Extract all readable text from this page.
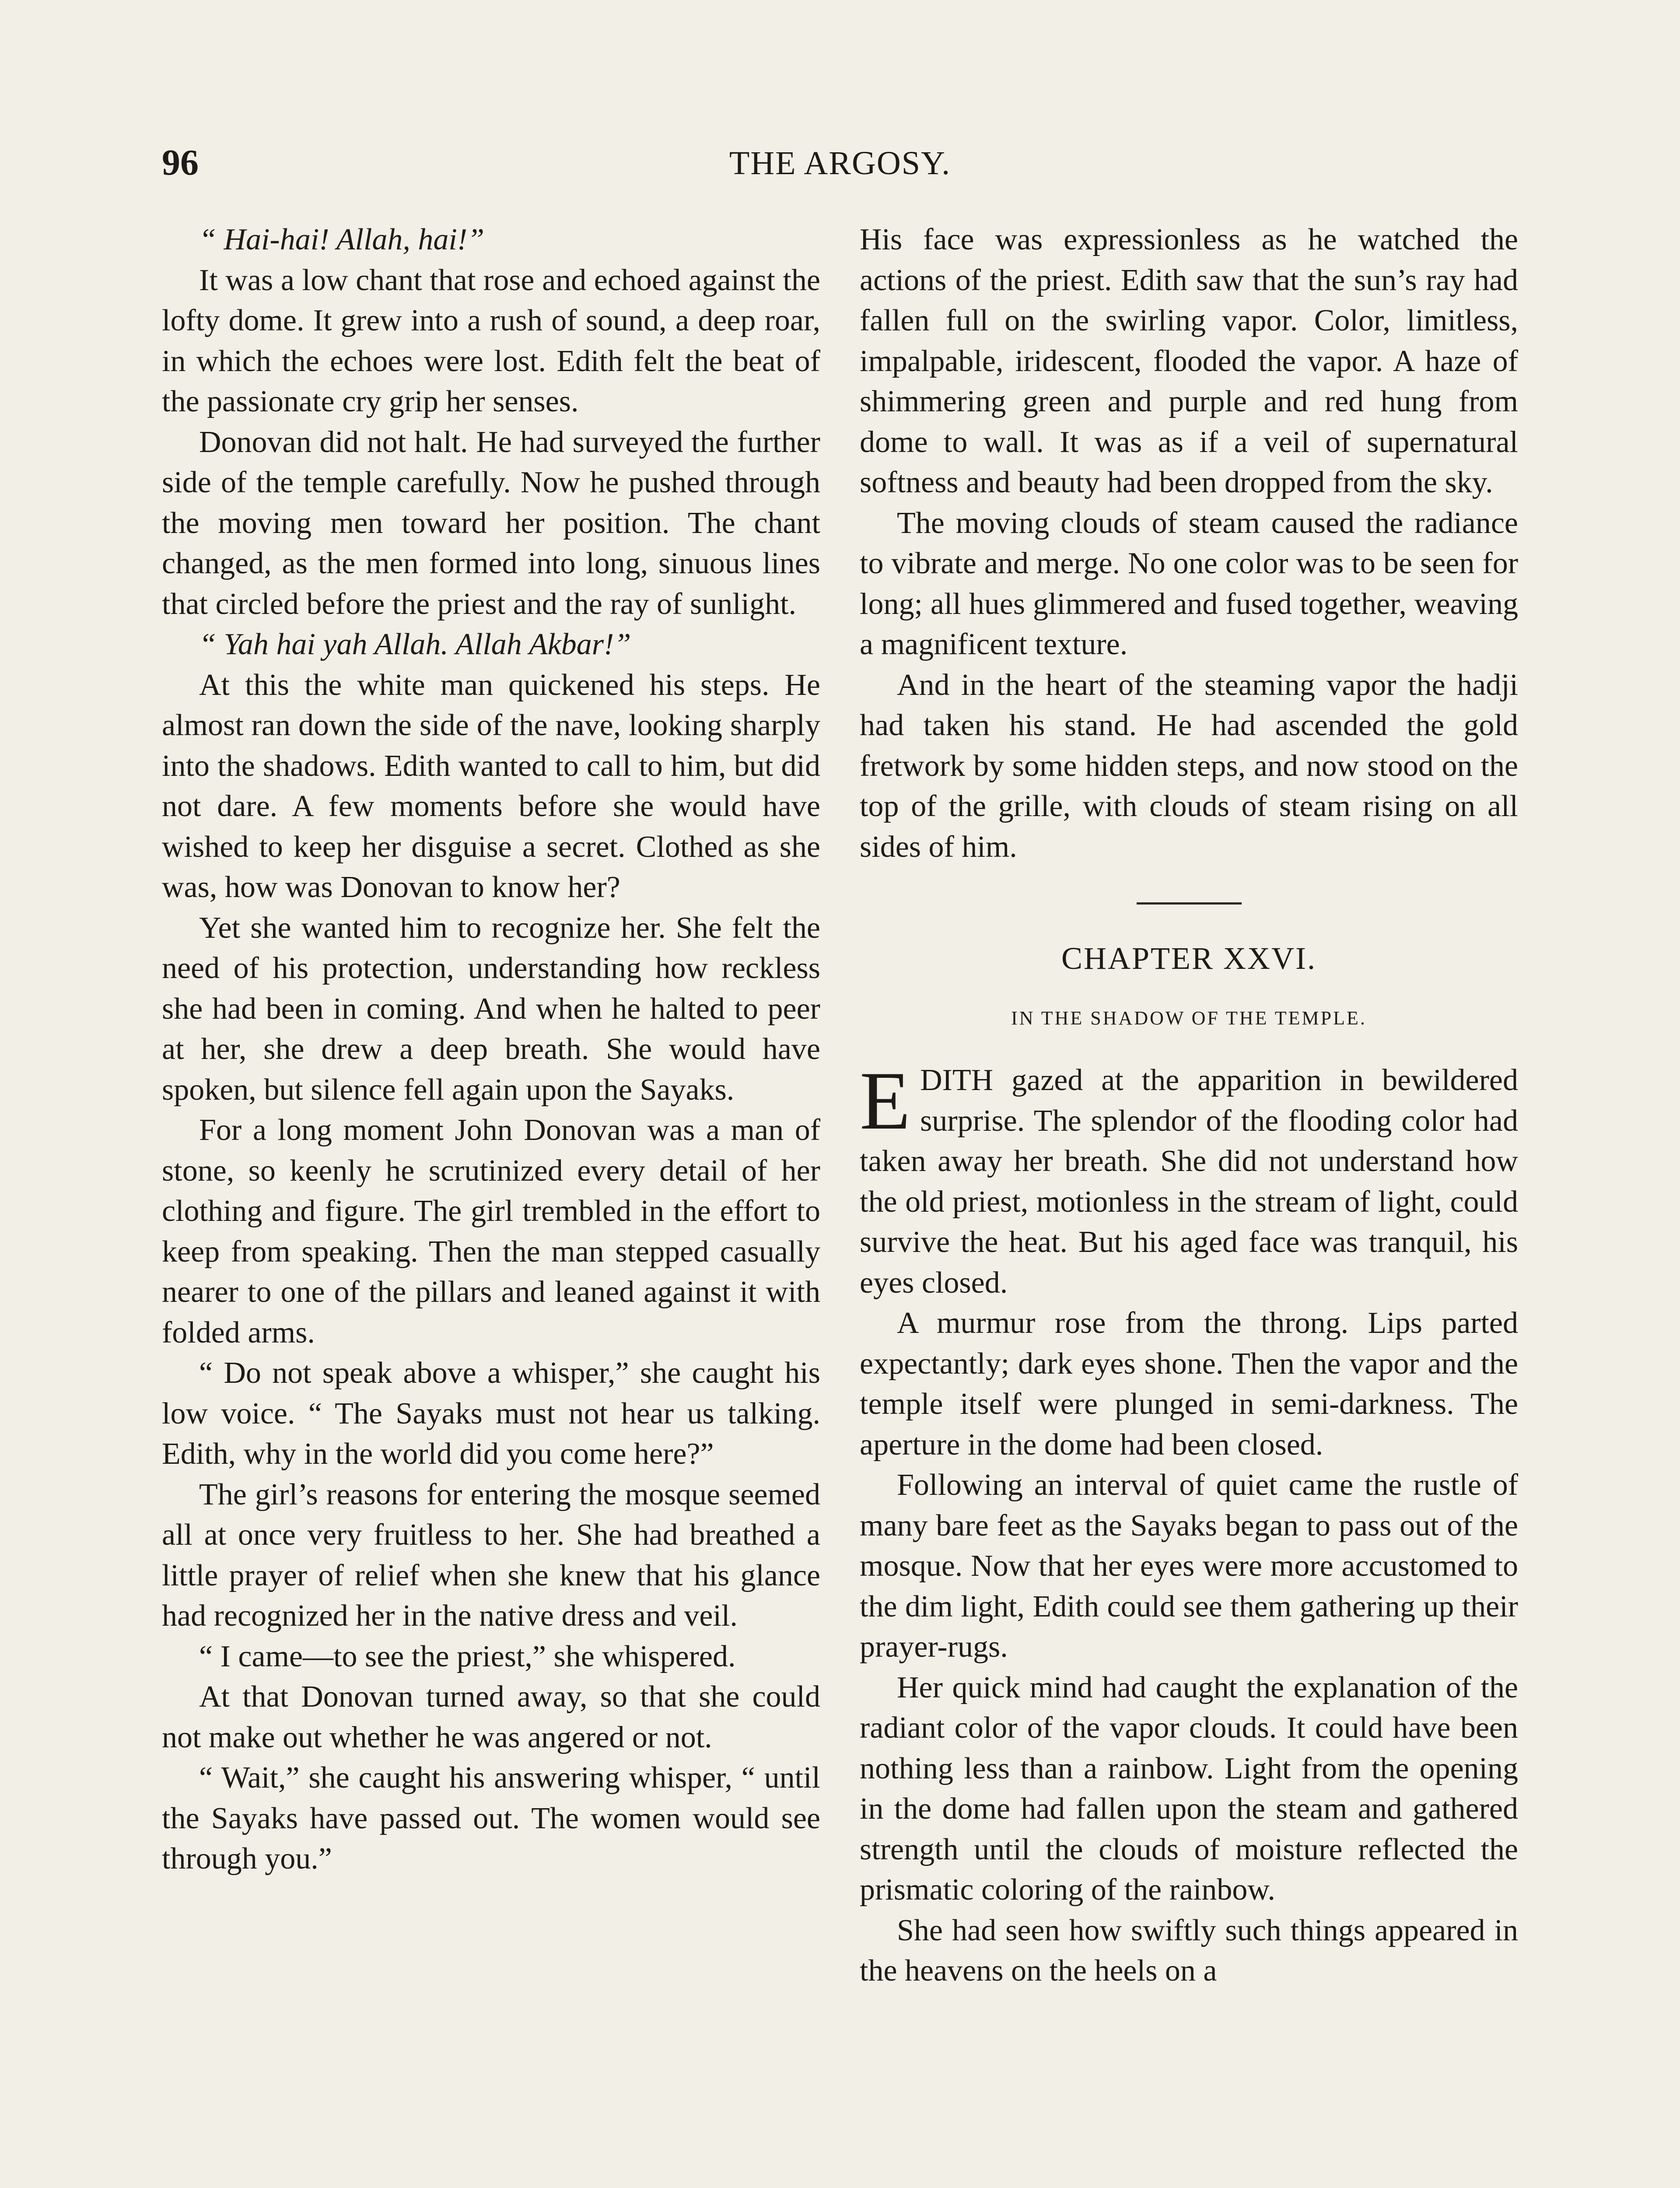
96	THE ARGOSY.

“ Hai-hai! Allah, hai!”

It was a low chant that rose and echoed against the lofty dome. It grew into a rush of sound, a deep roar, in which the echoes were lost. Edith felt the beat of the passionate cry grip her senses.

Donovan did not halt. He had surveyed the further side of the temple carefully. Now he pushed through the moving men toward her position. The chant changed, as the men formed into long, sinuous lines that circled before the priest and the ray of sunlight.

“ Yah hai yah Allah. Allah Akbar!”

At this the white man quickened his steps. He almost ran down the side of the nave, looking sharply into the shadows. Edith wanted to call to him, but did not dare. A few moments before she would have wished to keep her disguise a secret. Clothed as she was, how was Donovan to know her?

Yet she wanted him to recognize her. She felt the need of his protection, understanding how reckless she had been in coming. And when he halted to peer at her, she drew a deep breath. She would have spoken, but silence fell again upon the Sayaks.

For a long moment John Donovan was a man of stone, so keenly he scrutinized every detail of her clothing and figure. The girl trembled in the effort to keep from speaking. Then the man stepped casually nearer to one of the pillars and leaned against it with folded arms.

“ Do not speak above a whisper,” she caught his low voice. “ The Sayaks must not hear us talking. Edith, why in the world did you come here?”

The girl’s reasons for entering the mosque seemed all at once very fruitless to her. She had breathed a little prayer of relief when she knew that his glance had recognized her in the native dress and veil.

“ I came—to see the priest,” she whispered.

At that Donovan turned away, so that she could not make out whether he was angered or not.

“ Wait,” she caught his answering whisper, “ until the Sayaks have passed out. The women would see through you.”

His face was expressionless as he watched the actions of the priest. Edith saw that the sun’s ray had fallen full on the swirling vapor. Color, limitless, impalpable, iridescent, flooded the vapor. A haze of shimmering green and purple and red hung from dome to wall. It was as if a veil of supernatural softness and beauty had been dropped from the sky.

The moving clouds of steam caused the radiance to vibrate and merge. No one color was to be seen for long; all hues glimmered and fused together, weaving a magnificent texture.

And in the heart of the steaming vapor the hadji had taken his stand. He had ascended the gold fretwork by some hidden steps, and now stood on the top of the grille, with clouds of steam rising on all sides of him.

CHAPTER XXVI.
IN THE SHADOW OF THE TEMPLE.

EDITH gazed at the apparition in bewildered surprise. The splendor of the flooding color had taken away her breath. She did not understand how the old priest, motionless in the stream of light, could survive the heat. But his aged face was tranquil, his eyes closed.

A murmur rose from the throng. Lips parted expectantly; dark eyes shone. Then the vapor and the temple itself were plunged in semi-darkness. The aperture in the dome had been closed.

Following an interval of quiet came the rustle of many bare feet as the Sayaks began to pass out of the mosque. Now that her eyes were more accustomed to the dim light, Edith could see them gathering up their prayer-rugs.

Her quick mind had caught the explanation of the radiant color of the vapor clouds. It could have been nothing less than a rainbow. Light from the opening in the dome had fallen upon the steam and gathered strength until the clouds of moisture reflected the prismatic coloring of the rainbow.

She had seen how swiftly such things appeared in the heavens on the heels on a
